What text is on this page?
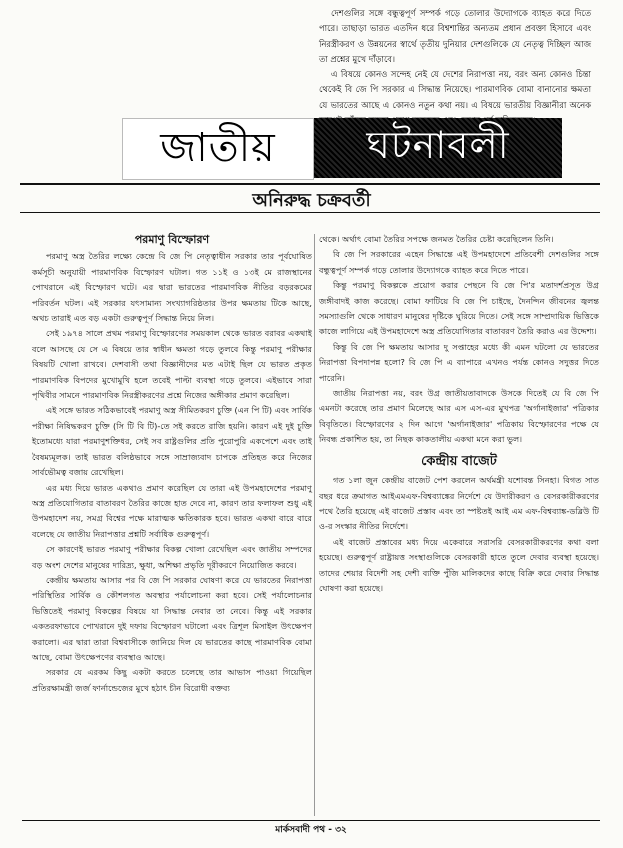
দেশগুলির সঙ্গে বন্ধুত্বপূর্ণ সম্পর্ক গড়ে তোলার উদ্যোগকে ব্যাহত করে দিতে পারে। তাছাড়া ভারত এতদিন ধরে বিশ্বশান্তির অন্যতম প্রধান প্রবক্তা হিসাবে এবং নিরস্ত্রীকরণ ও উন্নয়নের স্বার্থে তৃতীয় দুনিয়ার দেশগুলিকে যে নেতৃত্ব দিচ্ছিল আজ তা প্রশ্নের মুখে দাঁড়াবে।
এ বিষয়ে কোনও সন্দেহ নেই যে দেশের নিরাপত্তা নয়, বরং অন্য কোনও চিন্তা থেকেই বি জে পি সরকার এ সিদ্ধান্ত নিয়েছে। পারমাণবিক বোমা বানানোর ক্ষমতা যে ভারতের আছে এ কোনও নতুন কথা নয়। এ বিষয়ে ভারতীয় বিজ্ঞানীরা অনেক
জাতীয় ঘটনাবলী
অনিরুদ্ধ চক্রবর্তী
পরমাণু বিস্ফোরণ

পরমাণু অস্ত্র তৈরির লক্ষ্যে কেন্দ্রে বি জে পি নেতৃত্বাধীন সরকার তার পূর্বঘোষিত কর্মসূচী অনুযায়ী পারমাণবিক বিস্ফোরণ ঘটাল। গত ১১ই ও ১৩ই মে রাজস্থানের পোখরানে এই বিস্ফোরণ ঘটে। এর দ্বারা ভারতের পারমাণবিক নীতির বড়রকমের পরিবর্তন ঘটল। এই সরকার যৎসামান্য সংখ্যাগরিষ্ঠতার উপর ক্ষমতায় টিকে আছে, অথচ তারাই এত বড় একটা গুরুত্বপূর্ণ সিদ্ধান্ত নিয়ে নিল।

সেই ১৯৭৪ সালে প্রথম পরমাণু বিস্ফোরণের সময়কাল থেকে ভারত বরাবর একথাই বলে আসছে যে সে এ বিষয়ে তার স্বাধীন ক্ষমতা গড়ে তুলবে কিন্তু পরমাণু পরীক্ষার বিষয়টি খোলা রাখবে। দেশবাসী তথা বিজ্ঞানীদের মত এটাই ছিল যে ভারত প্রকৃত পারমাণবিক বিপদের মুখোমুখি হলে তবেই পাল্টা ব্যবস্থা গড়ে তুলবে। এইভাবে সারা পৃথিবীর সামনে পারমাণবিক নিরস্ত্রীকরণের প্রশ্নে নিজের অঙ্গীকার প্রমাণ করেছিল।

এই সঙ্গে ভারত সঠিকভাবেই পরমাণু অস্ত্র সীমিতকরণ চুক্তি (এন পি টি) এবং সার্বিক পরীক্ষা নিষিদ্ধকরণ চুক্তি (সি টি বি টি)-তে সই করতে রাজি হয়নি। কারণ এই দুই চুক্তি ইতোমধ্যে যারা পরমাণুশক্তিধর, সেই সব রাষ্ট্রগুলির প্রতি পুরোপুরি একপেশে এবং তাই বৈষম্যমূলক। তাই ভারত বলিষ্ঠভাবে সঙ্গে সাম্রাজ্যবাদ চাপকে প্রতিহত করে নিজের সার্বভৌমত্ব বজায় রেখেছিল।

এর মধ্য দিয়ে ভারত একথাও প্রমাণ করেছিল যে তারা এই উপমহাদেশের পরমাণু অস্ত্র প্রতিযোগিতার বাতাবরণ তৈরির কাজে হাত দেবে না, কারণ তার ফলাফল শুধু এই উপমহাদেশ নয়, সমগ্র বিশ্বের পক্ষে মারাত্মক ক্ষতিকারক হবে। ভারত একথা বারে বারে বলেছে যে জাতীয় নিরাপত্তার প্রশ্নটি সর্বাধিক গুরুত্বপূর্ণ।

সে কারণেই ভারত পরমাণু পরীক্ষার বিকল্প খোলা রেখেছিল এবং জাতীয় সম্পদের বড় অংশ দেশের মানুষের দারিদ্র্য, ক্ষুধা, অশিক্ষা প্রভৃতি দূরীকরণে নিয়োজিত করবে।

কেন্দ্রীয় ক্ষমতায় আসার পর বি জে পি সরকার ঘোষণা করে যে ভারতের নিরাপত্তা পরিস্থিতির সার্বিক ও কৌশলগত অবস্থার পর্যালোচনা করা হবে। সেই পর্যালোচনার ভিত্তিতেই পরমাণু বিকল্পের বিষয়ে যা সিদ্ধান্ত নেবার তা নেবে। কিন্তু এই সরকার একতরফাভাবে পোখরানে দুই দফায় বিস্ফোরণ ঘটালো এবং ত্রিশূল মিসাইল উৎক্ষেপণ করালো। এর দ্বারা তারা বিশ্ববাসীকে জানিয়ে দিল যে ভারতের কাছে পারমাণবিক বোমা আছে, বোমা উৎক্ষেপণের ব্যবস্থাও আছে।

সরকার যে এরকম কিছু একটা করতে চলেছে তার আভাস পাওয়া গিয়েছিল প্রতিরক্ষামন্ত্রী জর্জ ফার্নান্ডেজের মুখে হঠাৎ চীন বিরোধী বক্তব্য

থেকে। অর্থাৎ বোমা তৈরির সপক্ষে জনমত তৈরির চেষ্টা করেছিলেন তিনি।

বি জে পি সরকারের এহেন সিদ্ধান্তে এই উপমহাদেশে প্রতিবেশী দেশগুলির সঙ্গে বন্ধুত্বপূর্ণ সম্পর্ক গড়ে তোলার উদ্যোগকে ব্যাহত করে দিতে পারে।

কিন্তু পরমাণু বিকল্পকে প্রয়োগ করার পেছনে বি জে পি'র মতাদর্শপ্রসূত উগ্র জঙ্গীবাদই কাজ করেছে। বোমা ফাটিয়ে বি জে পি চাইছে, দৈনন্দিন জীবনের জ্বলন্ত সমস্যাগুলি থেকে সাধারণ মানুষের দৃষ্টিকে ঘুরিয়ে দিতে। সেই সঙ্গে সাম্প্রদায়িক ভিত্তিকে কাজে লাগিয়ে এই উপমহাদেশে অস্ত্র প্রতিযোগিতার বাতাবরণ তৈরি করাও এর উদ্দেশ্য।

কিন্তু বি জে পি ক্ষমতায় আসার দু সপ্তাহের মধ্যে কী এমন ঘটলো যে ভারতের নিরাপত্তা বিপদাপন্ন হলো? বি জে পি এ ব্যাপারে এখনও পর্যন্ত কোনও সদুত্তর দিতে পারেনি।

জাতীয় নিরাপত্তা নয়, বরং উগ্র জাতীয়তাবাদকে উসকে দিতেই যে বি জে পি এমনটা করেছে তার প্রমাণ মিলেছে আর এস এস-এর মুখপত্র 'অর্গানাইজার' পত্রিকার বিবৃতিতে। বিস্ফোরণের ২ দিন আগে 'অর্গানাইজার' পত্রিকায় বিস্ফোরণের পক্ষে যে নিবন্ধ প্রকাশিত হয়, তা নিছক কাকতালীয় একথা মনে করা ভুল।

কেন্দ্রীয় বাজেট

গত ১লা জুন কেন্দ্রীয় বাজেট পেশ করলেন অর্থমন্ত্রী যশোবন্ত সিনহা। বিগত সাত বছর ধরে ক্রমাগত আইএমএফ-বিশ্বব্যাঙ্কের নির্দেশে যে উদারীকরণ ও বেসরকারীকরণের পথে তৈরি হয়েছে এই বাজেট প্রস্তাব এবং তা স্পষ্টতই আই এম এফ-বিশ্বব্যাঙ্ক-ডব্লিউ টি ও-র সংস্কার নীতির নির্দেশে।

এই বাজেট প্রস্তাবের মধ্য দিয়ে একেবারে সরাসরি বেসরকারীকরণের কথা বলা হয়েছে। গুরুত্বপূর্ণ রাষ্ট্রায়ত্ত সংস্থাগুলিকে বেসরকারী হাতে তুলে দেবার ব্যবস্থা হয়েছে। তাদের শেয়ার বিদেশী সহ দেশী ব্যক্তি পুঁজি মালিকদের কাছে বিক্রি করে দেবার সিদ্ধান্ত ঘোষণা করা হয়েছে।

মার্কসবাদী পথ - ৩২
